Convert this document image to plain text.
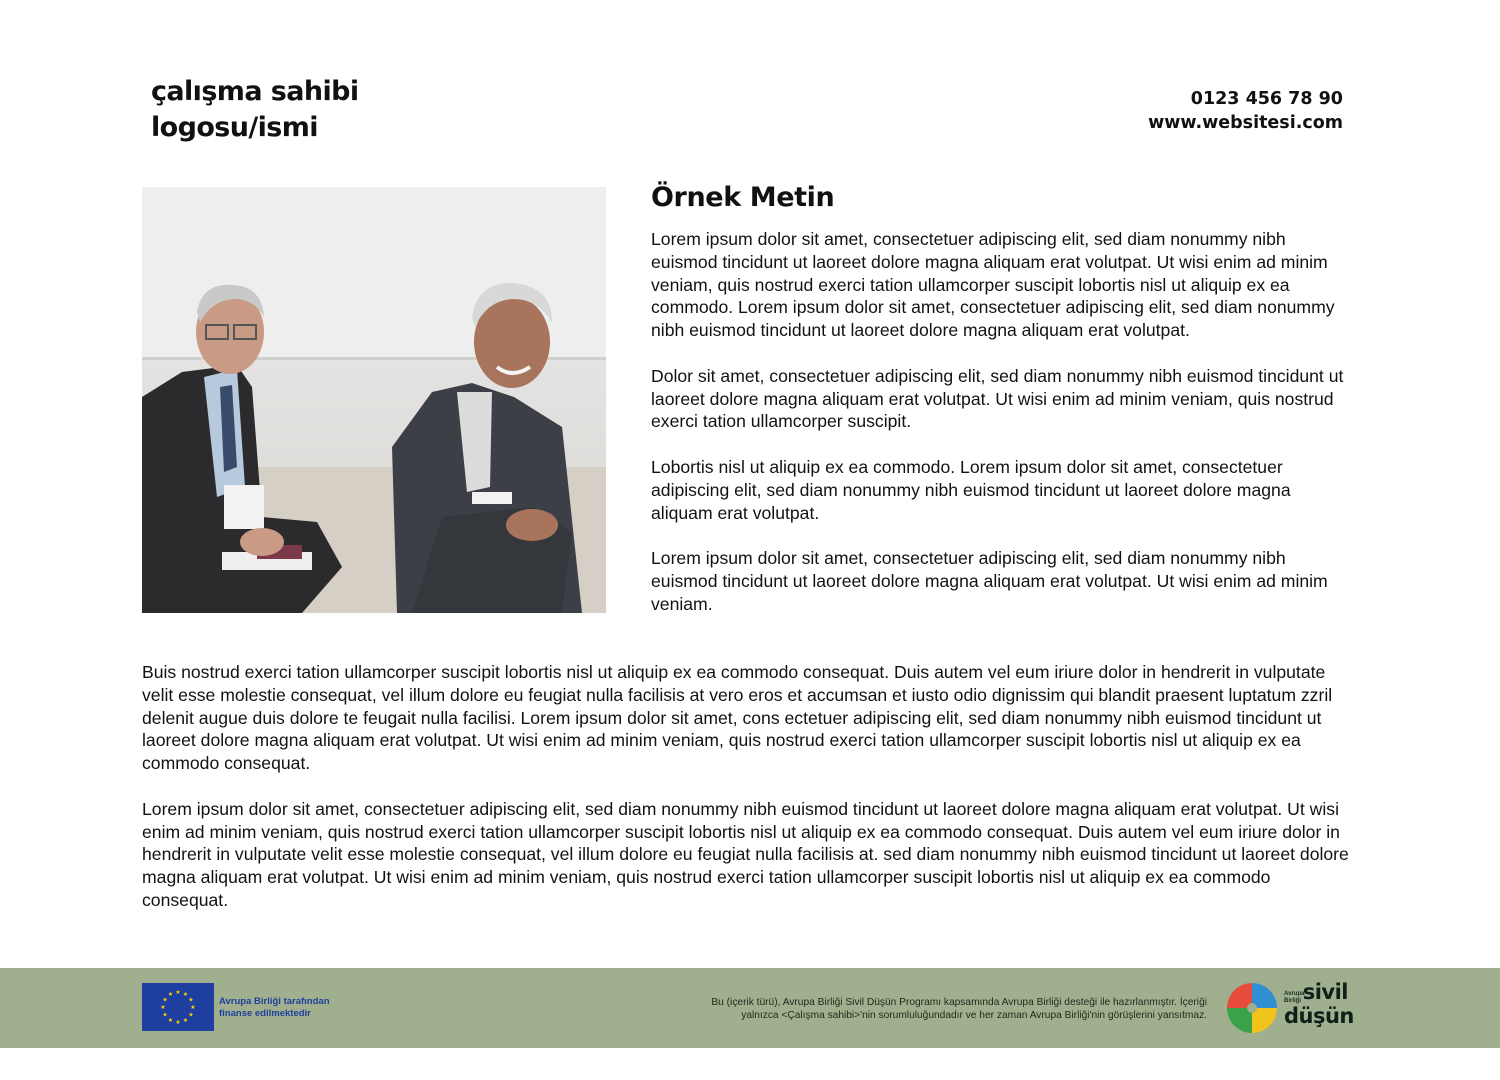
çalışma sahibi
logosu/ismi
0123 456 78 90
www.websitesi.com
Örnek Metin

Lorem ipsum dolor sit amet, consectetuer adipiscing elit, sed diam nonummy nibh euismod tincidunt ut laoreet dolore magna aliquam erat volutpat. Ut wisi enim ad minim veniam, quis nostrud exerci tation ullamcorper suscipit lobortis nisl ut aliquip ex ea commodo. Lorem ipsum dolor sit amet, consectetuer adipiscing elit, sed diam nonummy nibh euismod tincidunt ut laoreet dolore magna aliquam erat volutpat.

Dolor sit amet, consectetuer adipiscing elit, sed diam nonummy nibh euismod tincidunt ut laoreet dolore magna aliquam erat volutpat. Ut wisi enim ad minim veniam, quis nostrud exerci tation ullamcorper suscipit.

Lobortis nisl ut aliquip ex ea commodo. Lorem ipsum dolor sit amet, consectetuer adipiscing elit, sed diam nonummy nibh euismod tincidunt ut laoreet dolore magna aliquam erat volutpat.

Lorem ipsum dolor sit amet, consectetuer adipiscing elit, sed diam nonummy nibh euismod tincidunt ut laoreet dolore magna aliquam erat volutpat. Ut wisi enim ad minim veniam.

Buis nostrud exerci tation ullamcorper suscipit lobortis nisl ut aliquip ex ea commodo consequat. Duis autem vel eum iriure dolor in hendrerit in vulputate velit esse molestie consequat, vel illum dolore eu feugiat nulla facilisis at vero eros et accumsan et iusto odio dignissim qui blandit praesent luptatum zzril delenit augue duis dolore te feugait nulla facilisi. Lorem ipsum dolor sit amet, cons ectetuer adipiscing elit, sed diam nonummy nibh euismod tincidunt ut laoreet dolore magna aliquam erat volutpat. Ut wisi enim ad minim veniam, quis nostrud exerci tation ullamcorper suscipit lobortis nisl ut aliquip ex ea commodo consequat.

Lorem ipsum dolor sit amet, consectetuer adipiscing elit, sed diam nonummy nibh euismod tincidunt ut laoreet dolore magna aliquam erat volutpat. Ut wisi enim ad minim veniam, quis nostrud exerci tation ullamcorper suscipit lobortis nisl ut aliquip ex ea commodo consequat. Duis autem vel eum iriure dolor in hendrerit in vulputate velit esse molestie consequat, vel illum dolore eu feugiat nulla facilisis at. sed diam nonummy nibh euismod tincidunt ut laoreet dolore magna aliquam erat volutpat. Ut wisi enim ad minim veniam, quis nostrud exerci tation ullamcorper suscipit lobortis nisl ut aliquip ex ea commodo consequat.

★ ★
★
★
★
★
★
★
★
★
★
★
Avrupa Birliği tarafından
finanse edilmektedir
Bu (içerik türü), Avrupa Birliği Sivil Düşün Programı kapsamında Avrupa Birliği desteği ile hazırlanmıştır. İçeriği
yalnızca <Çalışma sahibi>'nin sorumluluğundadır ve her zaman Avrupa Birliği'nin görüşlerini yansıtmaz.
Avrupa
Birliği sivil
düşün
